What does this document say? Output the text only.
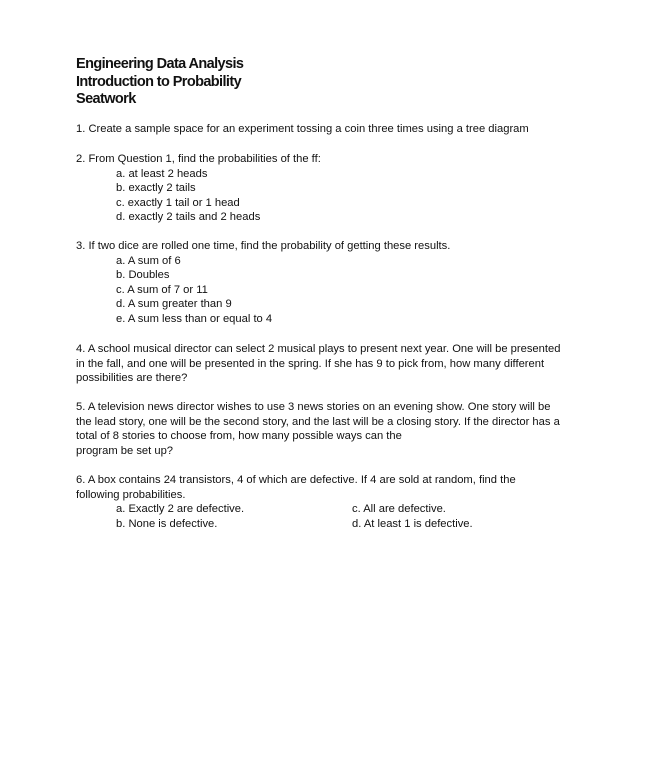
Engineering Data Analysis
Introduction to Probability
Seatwork

1. Create a sample space for an experiment tossing a coin three times using a tree diagram

2. From Question 1, find the probabilities of the ff:

a. at least 2 heads
b. exactly 2 tails
c. exactly 1 tail or 1 head
d. exactly 2 tails and 2 heads

3. If two dice are rolled one time, find the probability of getting these results.

a. A sum of 6
b. Doubles
c. A sum of 7 or 11
d. A sum greater than 9
e. A sum less than or equal to 4

4. A school musical director can select 2 musical plays to present next year. One will be presented

in the fall, and one will be presented in the spring. If she has 9 to pick from, how many different

possibilities are there?

5. A television news director wishes to use 3 news stories on an evening show. One story will be

the lead story, one will be the second story, and the last will be a closing story. If the director has a

total of 8 stories to choose from, how many possible ways can the

program be set up?

6. A box contains 24 transistors, 4 of which are defective. If 4 are sold at random, find the

following probabilities.

a. Exactly 2 are defective.
b. None is defective.
c. All are defective.
d. At least 1 is defective.
